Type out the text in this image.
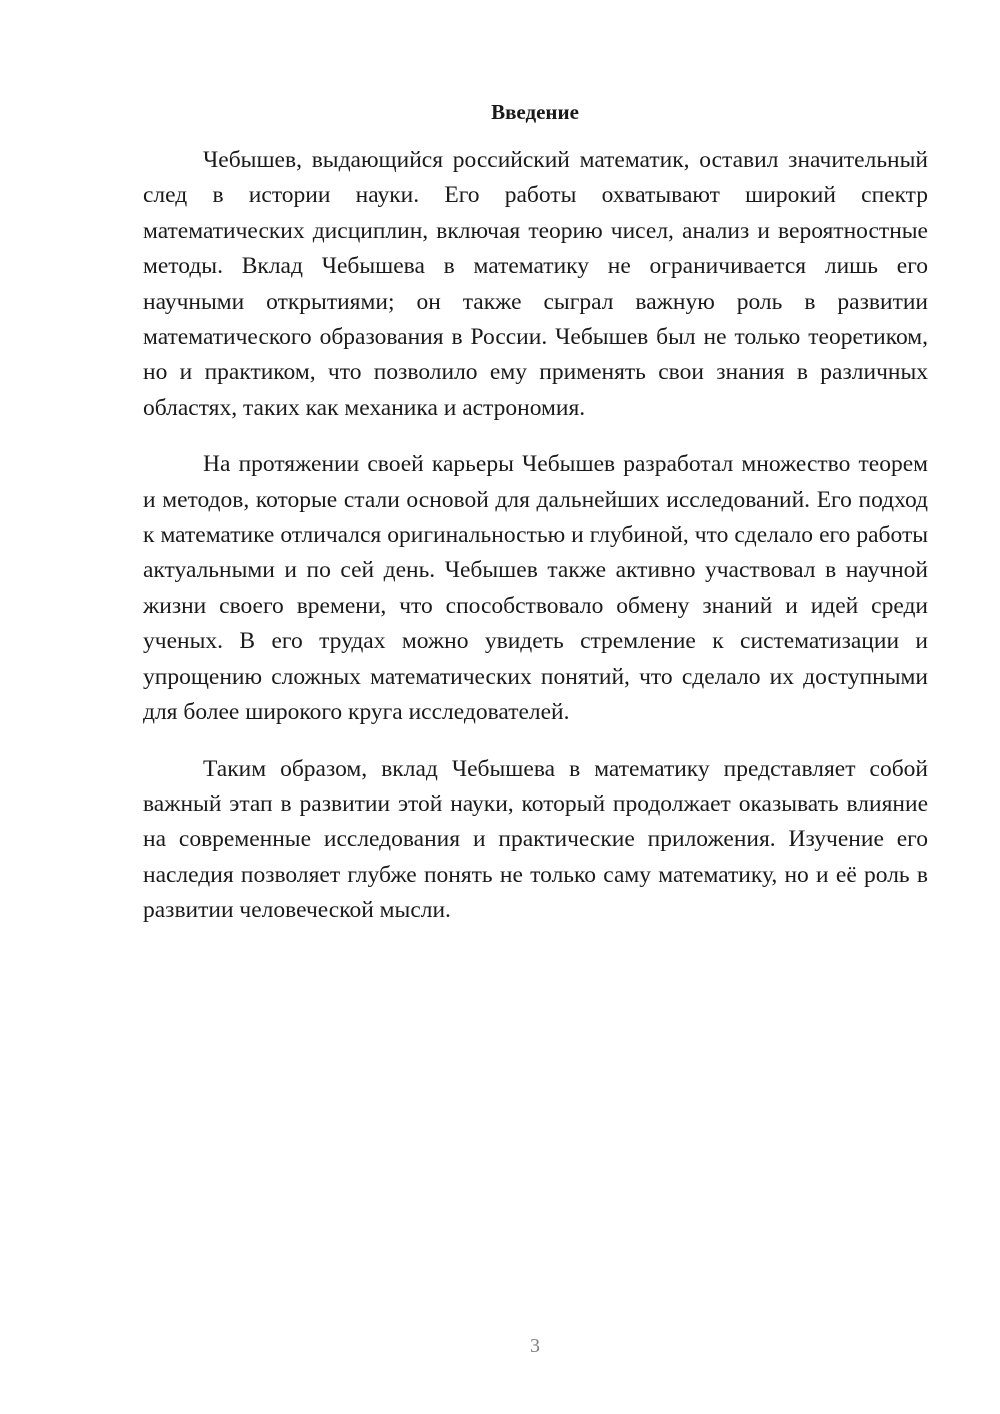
Введение

Чебышев, выдающийся российский математик, оставил значительный след в истории науки. Его работы охватывают широкий спектр математических дисциплин, включая теорию чисел, анализ и вероятностные методы. Вклад Чебышева в математику не ограничивается лишь его научными открытиями; он также сыграл важную роль в развитии математического образования в России. Чебышев был не только теоретиком, но и практиком, что позволило ему применять свои знания в различных областях, таких как механика и астрономия.

На протяжении своей карьеры Чебышев разработал множество теорем и методов, которые стали основой для дальнейших исследований. Его подход к математике отличался оригинальностью и глубиной, что сделало его работы актуальными и по сей день. Чебышев также активно участвовал в научной жизни своего времени, что способствовало обмену знаний и идей среди ученых. В его трудах можно увидеть стремление к систематизации и упрощению сложных математических понятий, что сделало их доступными для более широкого круга исследователей.

Таким образом, вклад Чебышева в математику представляет собой важный этап в развитии этой науки, который продолжает оказывать влияние на современные исследования и практические приложения. Изучение его наследия позволяет глубже понять не только саму математику, но и её роль в развитии человеческой мысли.

3
